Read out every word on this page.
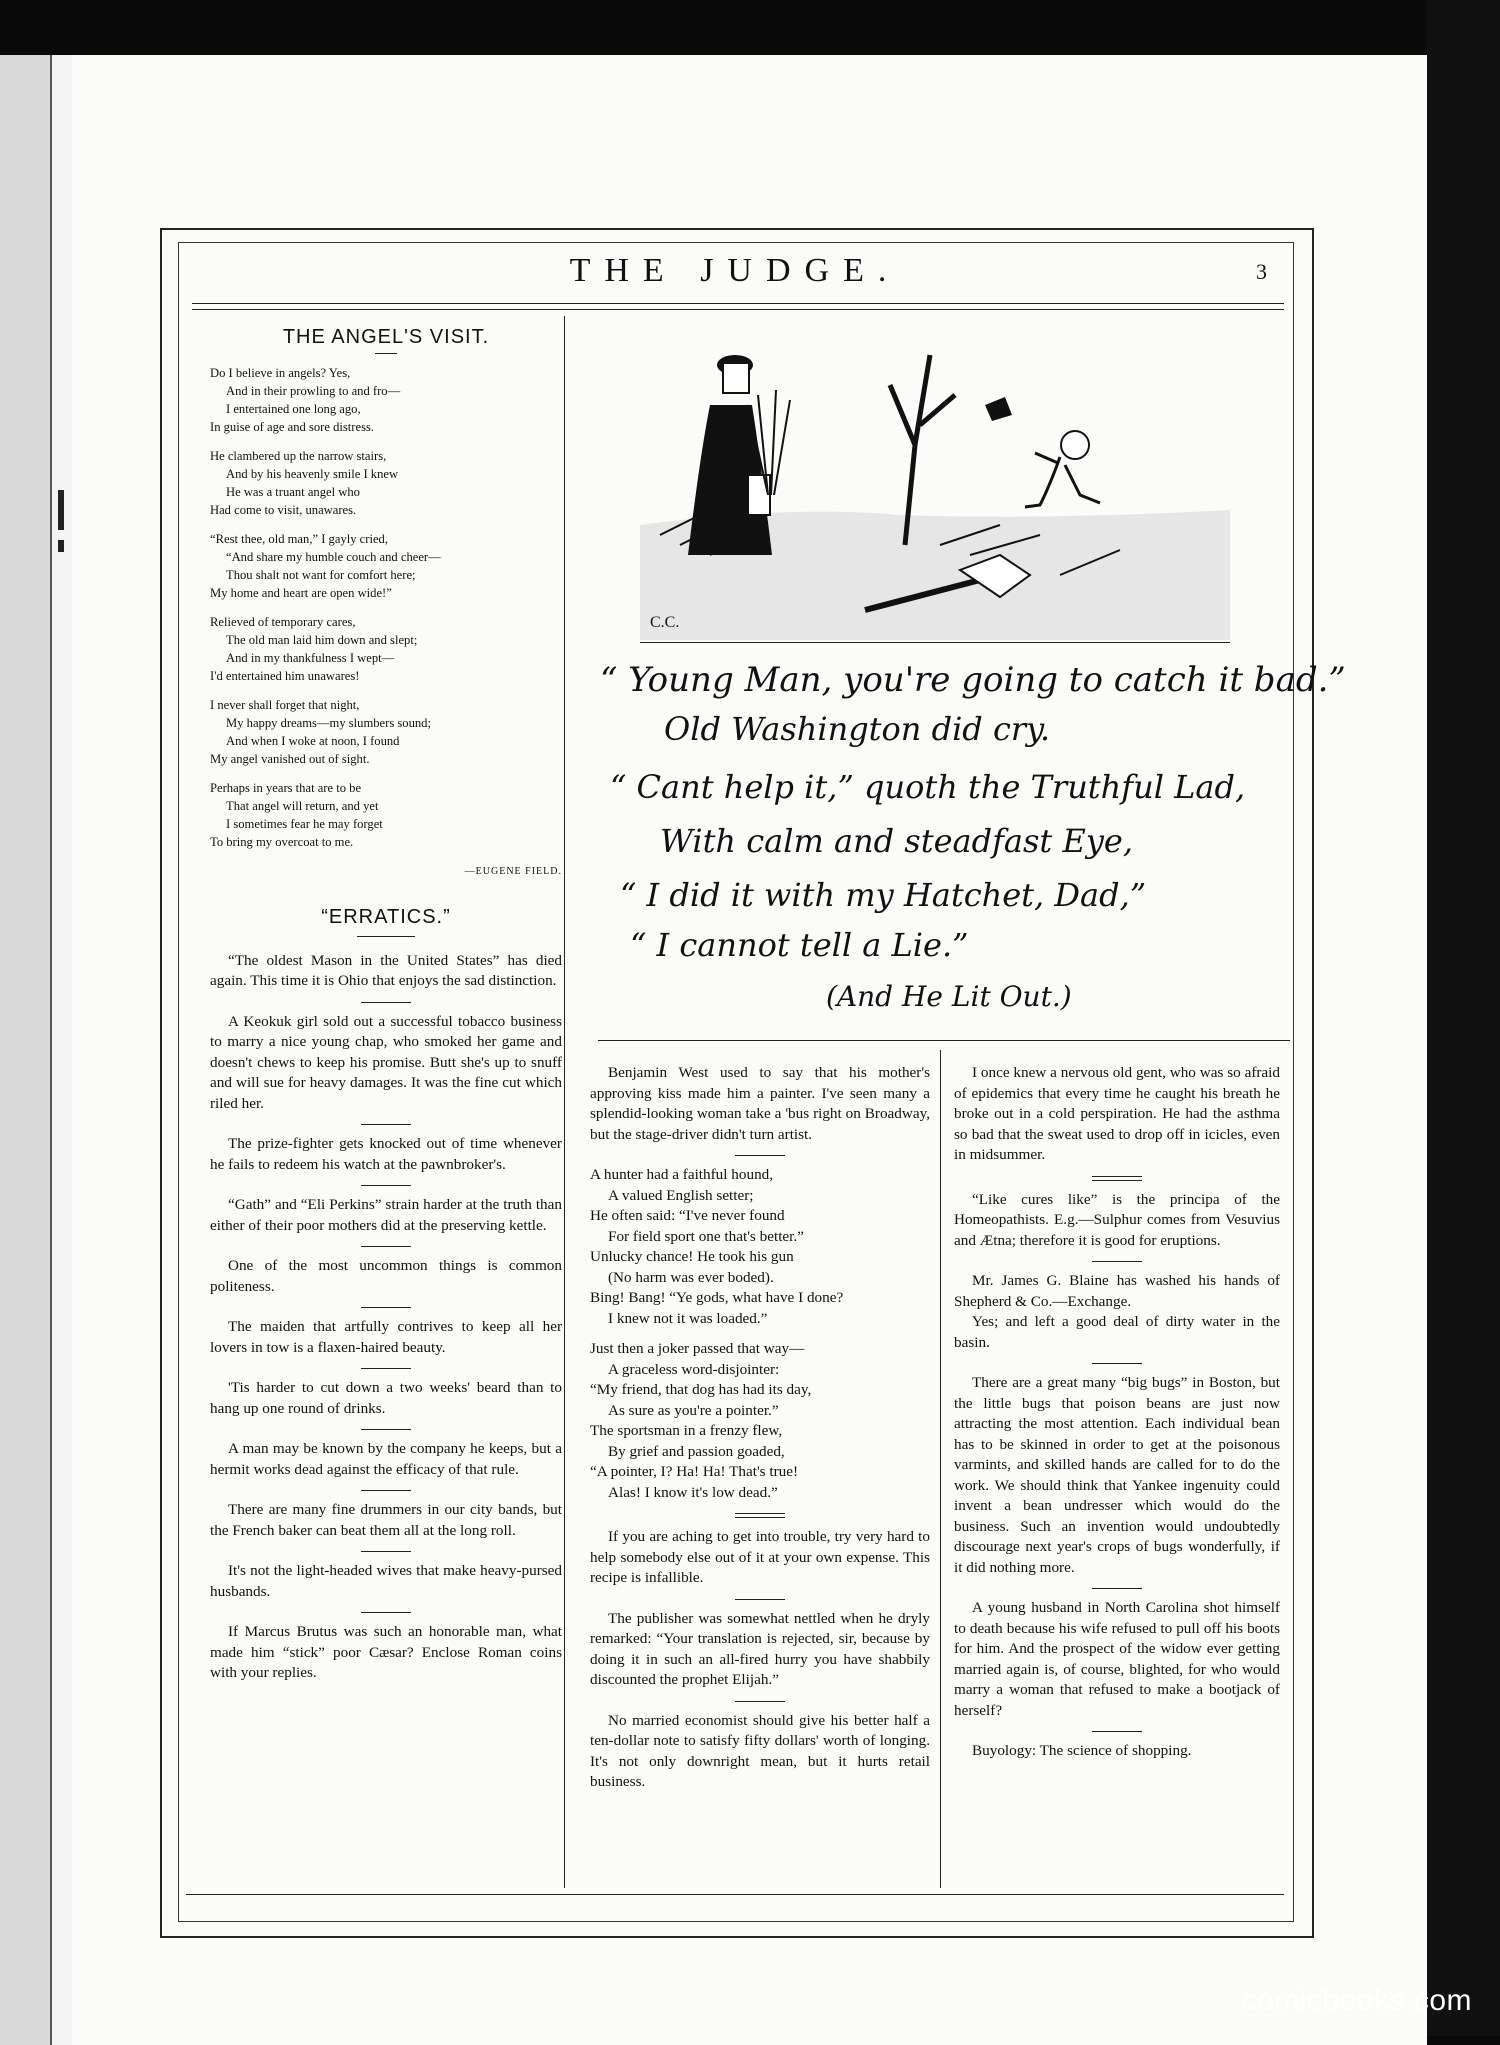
THE JUDGE.	3
THE ANGEL'S VISIT.
Do I believe in angels? Yes,
And in their prowling to and fro—
I entertained one long ago,
In guise of age and sore distress.
He clambered up the narrow stairs,
And by his heavenly smile I knew
He was a truant angel who
Had come to visit, unawares.
“Rest thee, old man,” I gayly cried,
“And share my humble couch and cheer—
Thou shalt not want for comfort here;
My home and heart are open wide!”
Relieved of temporary cares,
The old man laid him down and slept;
And in my thankfulness I wept—
I'd entertained him unawares!
I never shall forget that night,
My happy dreams—my slumbers sound;
And when I woke at noon, I found
My angel vanished out of sight.
Perhaps in years that are to be
That angel will return, and yet
I sometimes fear he may forget
To bring my overcoat to me.
—EUGENE FIELD.
“ERRATICS.”

“The oldest Mason in the United States” has died again. This time it is Ohio that enjoys the sad distinction.

A Keokuk girl sold out a successful tobacco business to marry a nice young chap, who smoked her game and doesn't chews to keep his promise. Butt she's up to snuff and will sue for heavy damages. It was the fine cut which riled her.

The prize-fighter gets knocked out of time whenever he fails to redeem his watch at the pawnbroker's.

“Gath” and “Eli Perkins” strain harder at the truth than either of their poor mothers did at the preserving kettle.

One of the most uncommon things is common politeness.

The maiden that artfully contrives to keep all her lovers in tow is a flaxen-haired beauty.

'Tis harder to cut down a two weeks' beard than to hang up one round of drinks.

A man may be known by the company he keeps, but a hermit works dead against the efficacy of that rule.

There are many fine drummers in our city bands, but the French baker can beat them all at the long roll.

It's not the light-headed wives that make heavy-pursed husbands.

If Marcus Brutus was such an honorable man, what made him “stick” poor Cæsar? Enclose Roman coins with your replies.

C.C.
“ Young Man, you're going to catch it bad.”
Old Washington did cry.
“ Cant help it,” quoth the Truthful Lad,
With calm and steadfast Eye,
“ I did it with my Hatchet, Dad,”
“ I cannot tell a Lie.”
(And He Lit Out.)

Benjamin West used to say that his mother's approving kiss made him a painter. I've seen many a splendid-looking woman take a 'bus right on Broadway, but the stage-driver didn't turn artist.

A hunter had a faithful hound,
A valued English setter;
He often said: “I've never found
For field sport one that's better.”
Unlucky chance! He took his gun
(No harm was ever boded).
Bing! Bang! “Ye gods, what have I done?
I knew not it was loaded.”
Just then a joker passed that way—
A graceless word-disjointer:
“My friend, that dog has had its day,
As sure as you're a pointer.”
The sportsman in a frenzy flew,
By grief and passion goaded,
“A pointer, I? Ha! Ha! That's true!
Alas! I know it's low dead.”

If you are aching to get into trouble, try very hard to help somebody else out of it at your own expense. This recipe is infallible.

The publisher was somewhat nettled when he dryly remarked: “Your translation is rejected, sir, because by doing it in such an all-fired hurry you have shabbily discounted the prophet Elijah.”

No married economist should give his better half a ten-dollar note to satisfy fifty dollars' worth of longing. It's not only downright mean, but it hurts retail business.

I once knew a nervous old gent, who was so afraid of epidemics that every time he caught his breath he broke out in a cold perspiration. He had the asthma so bad that the sweat used to drop off in icicles, even in midsummer.

“Like cures like” is the principa of the Homeopathists. E.g.—Sulphur comes from Vesuvius and Ætna; therefore it is good for eruptions.

Mr. James G. Blaine has washed his hands of Shepherd & Co.—Exchange.

Yes; and left a good deal of dirty water in the basin.

There are a great many “big bugs” in Boston, but the little bugs that poison beans are just now attracting the most attention. Each individual bean has to be skinned in order to get at the poisonous varmints, and skilled hands are called for to do the work. We should think that Yankee ingenuity could invent a bean undresser which would do the business. Such an invention would undoubtedly discourage next year's crops of bugs wonderfully, if it did nothing more.

A young husband in North Carolina shot himself to death because his wife refused to pull off his boots for him. And the prospect of the widow ever getting married again is, of course, blighted, for who would marry a woman that refused to make a bootjack of herself?

Buyology: The science of shopping.

comicbooks.com
